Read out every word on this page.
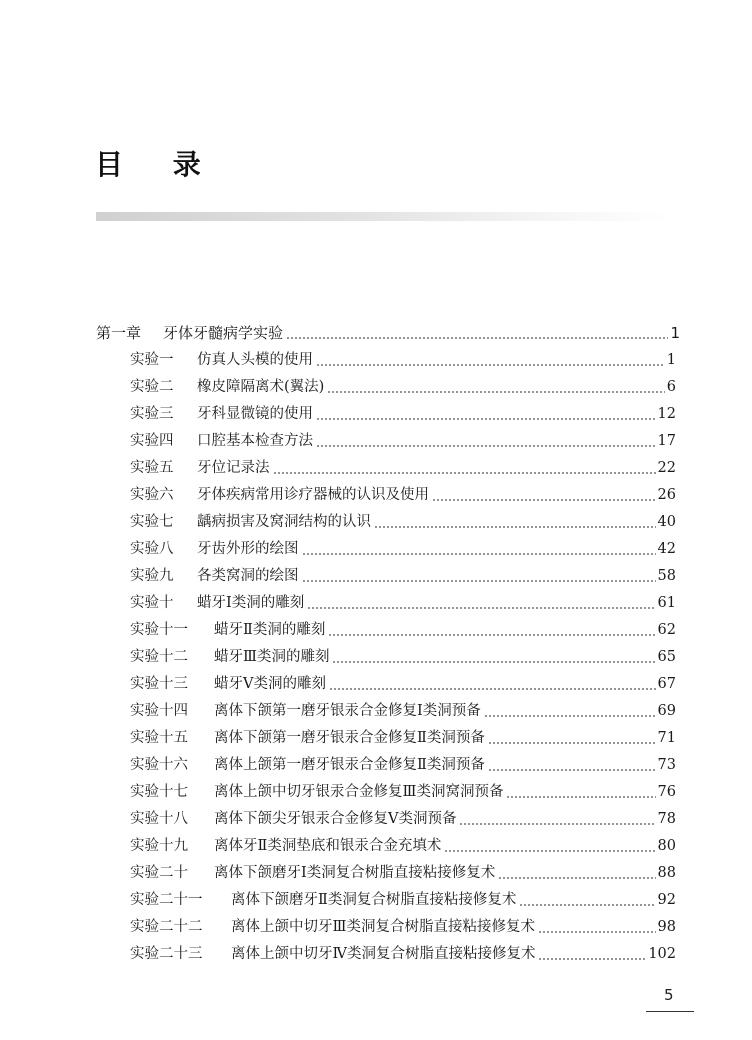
目 录
第一章	牙体牙髓病学实验	1
实验一	仿真人头模的使用	1
实验二	橡皮障隔离术(翼法)	6
实验三	牙科显微镜的使用	12
实验四	口腔基本检查方法	17
实验五	牙位记录法	22
实验六	牙体疾病常用诊疗器械的认识及使用	26
实验七	龋病损害及窝洞结构的认识	40
实验八	牙齿外形的绘图	42
实验九	各类窝洞的绘图	58
实验十	蜡牙Ⅰ类洞的雕刻	61
实验十一	蜡牙Ⅱ类洞的雕刻	62
实验十二	蜡牙Ⅲ类洞的雕刻	65
实验十三	蜡牙Ⅴ类洞的雕刻	67
实验十四	离体下颌第一磨牙银汞合金修复Ⅰ类洞预备	69
实验十五	离体下颌第一磨牙银汞合金修复Ⅱ类洞预备	71
实验十六	离体上颌第一磨牙银汞合金修复Ⅱ类洞预备	73
实验十七	离体上颌中切牙银汞合金修复Ⅲ类洞窝洞预备	76
实验十八	离体下颌尖牙银汞合金修复Ⅴ类洞预备	78
实验十九	离体牙Ⅱ类洞垫底和银汞合金充填术	80
实验二十	离体下颌磨牙Ⅰ类洞复合树脂直接粘接修复术	88
实验二十一	离体下颌磨牙Ⅱ类洞复合树脂直接粘接修复术	92
实验二十二	离体上颌中切牙Ⅲ类洞复合树脂直接粘接修复术	98
实验二十三	离体上颌中切牙Ⅳ类洞复合树脂直接粘接修复术	102
5
